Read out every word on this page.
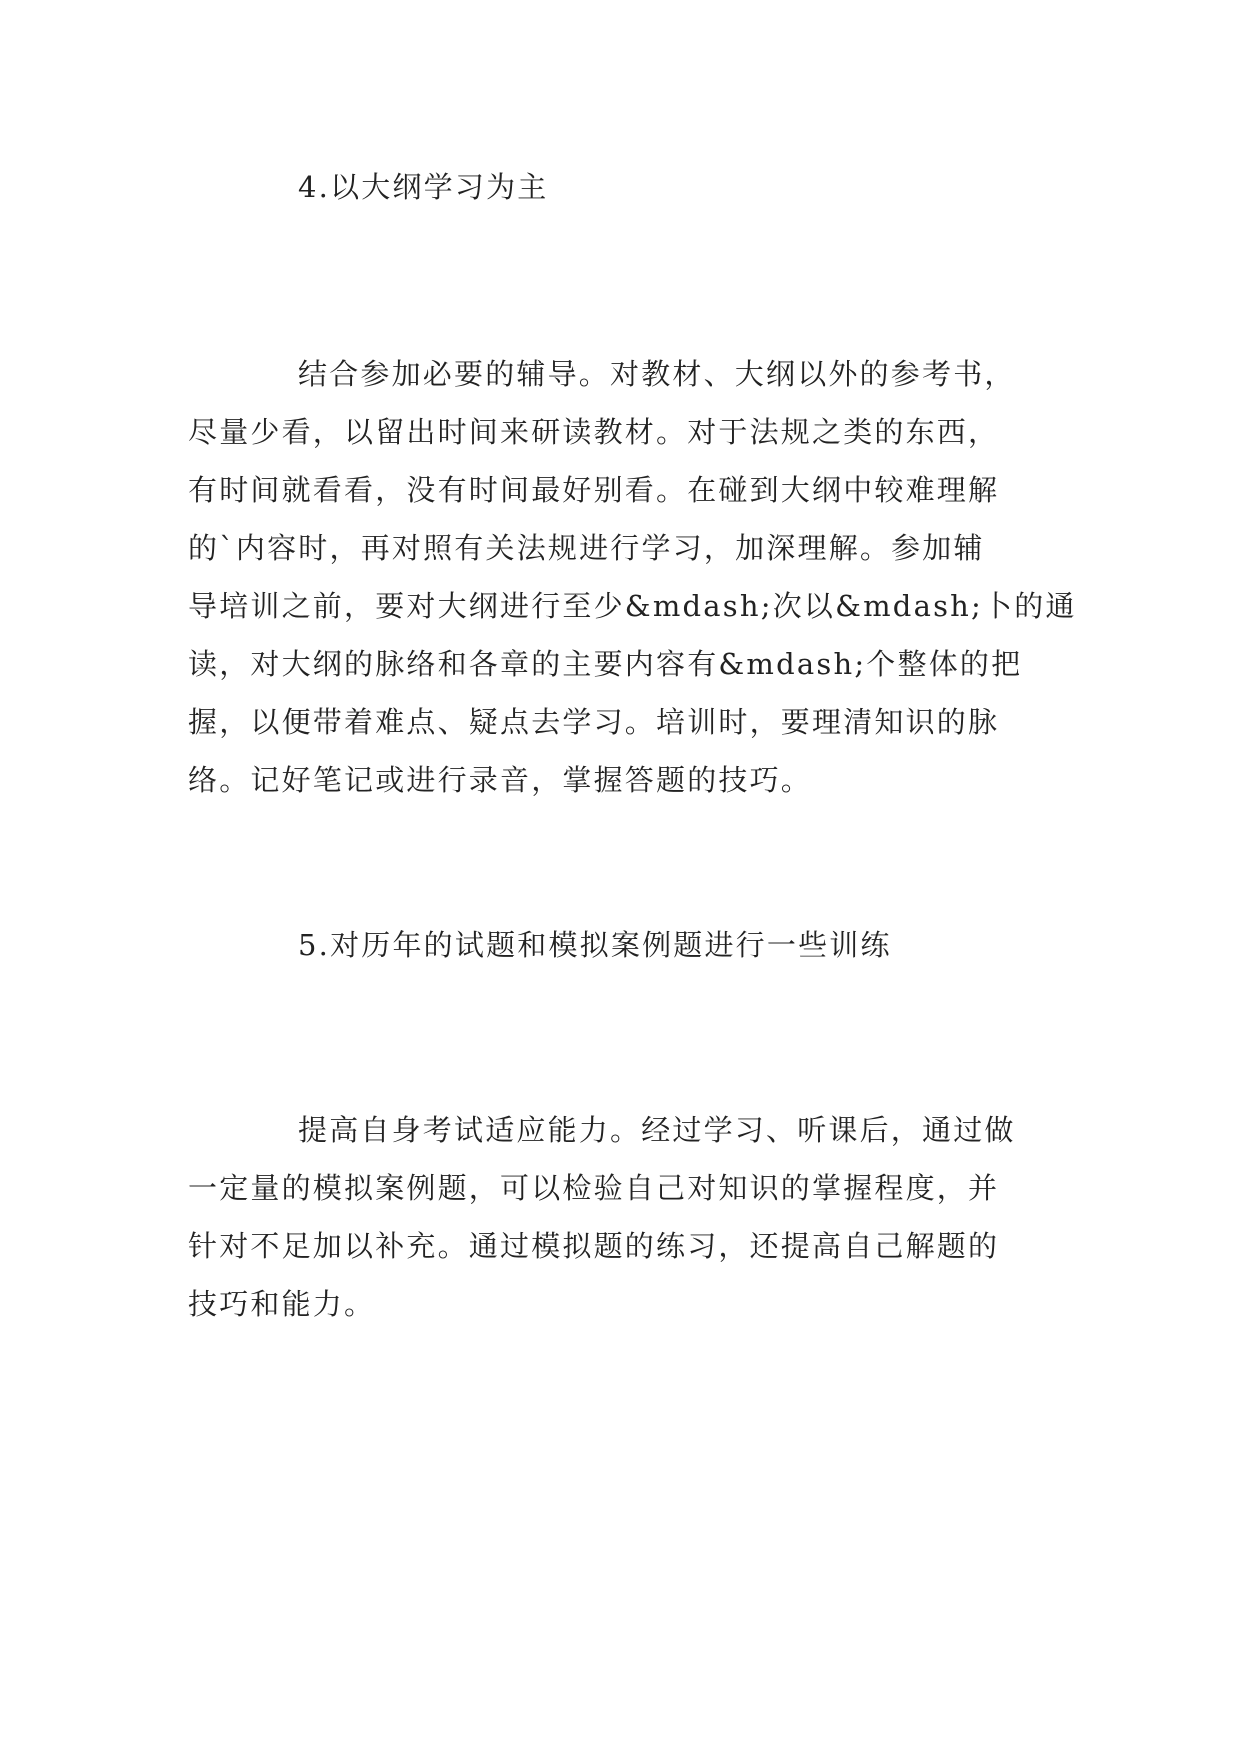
4.以大纲学习为主
结合参加必要的辅导。对教材、大纲以外的参考书，
尽量少看，以留出时间来研读教材。对于法规之类的东西，
有时间就看看，没有时间最好别看。在碰到大纲中较难理解
的`内容时，再对照有关法规进行学习，加深理解。参加辅
导培训之前，要对大纲进行至少&mdash;次以&mdash;卜的通
读，对大纲的脉络和各章的主要内容有&mdash;个整体的把
握，以便带着难点、疑点去学习。培训时，要理清知识的脉
络。记好笔记或进行录音，掌握答题的技巧。
5.对历年的试题和模拟案例题进行一些训练
提高自身考试适应能力。经过学习、听课后，通过做
一定量的模拟案例题，可以检验自己对知识的掌握程度，并
针对不足加以补充。通过模拟题的练习，还提高自己解题的
技巧和能力。
